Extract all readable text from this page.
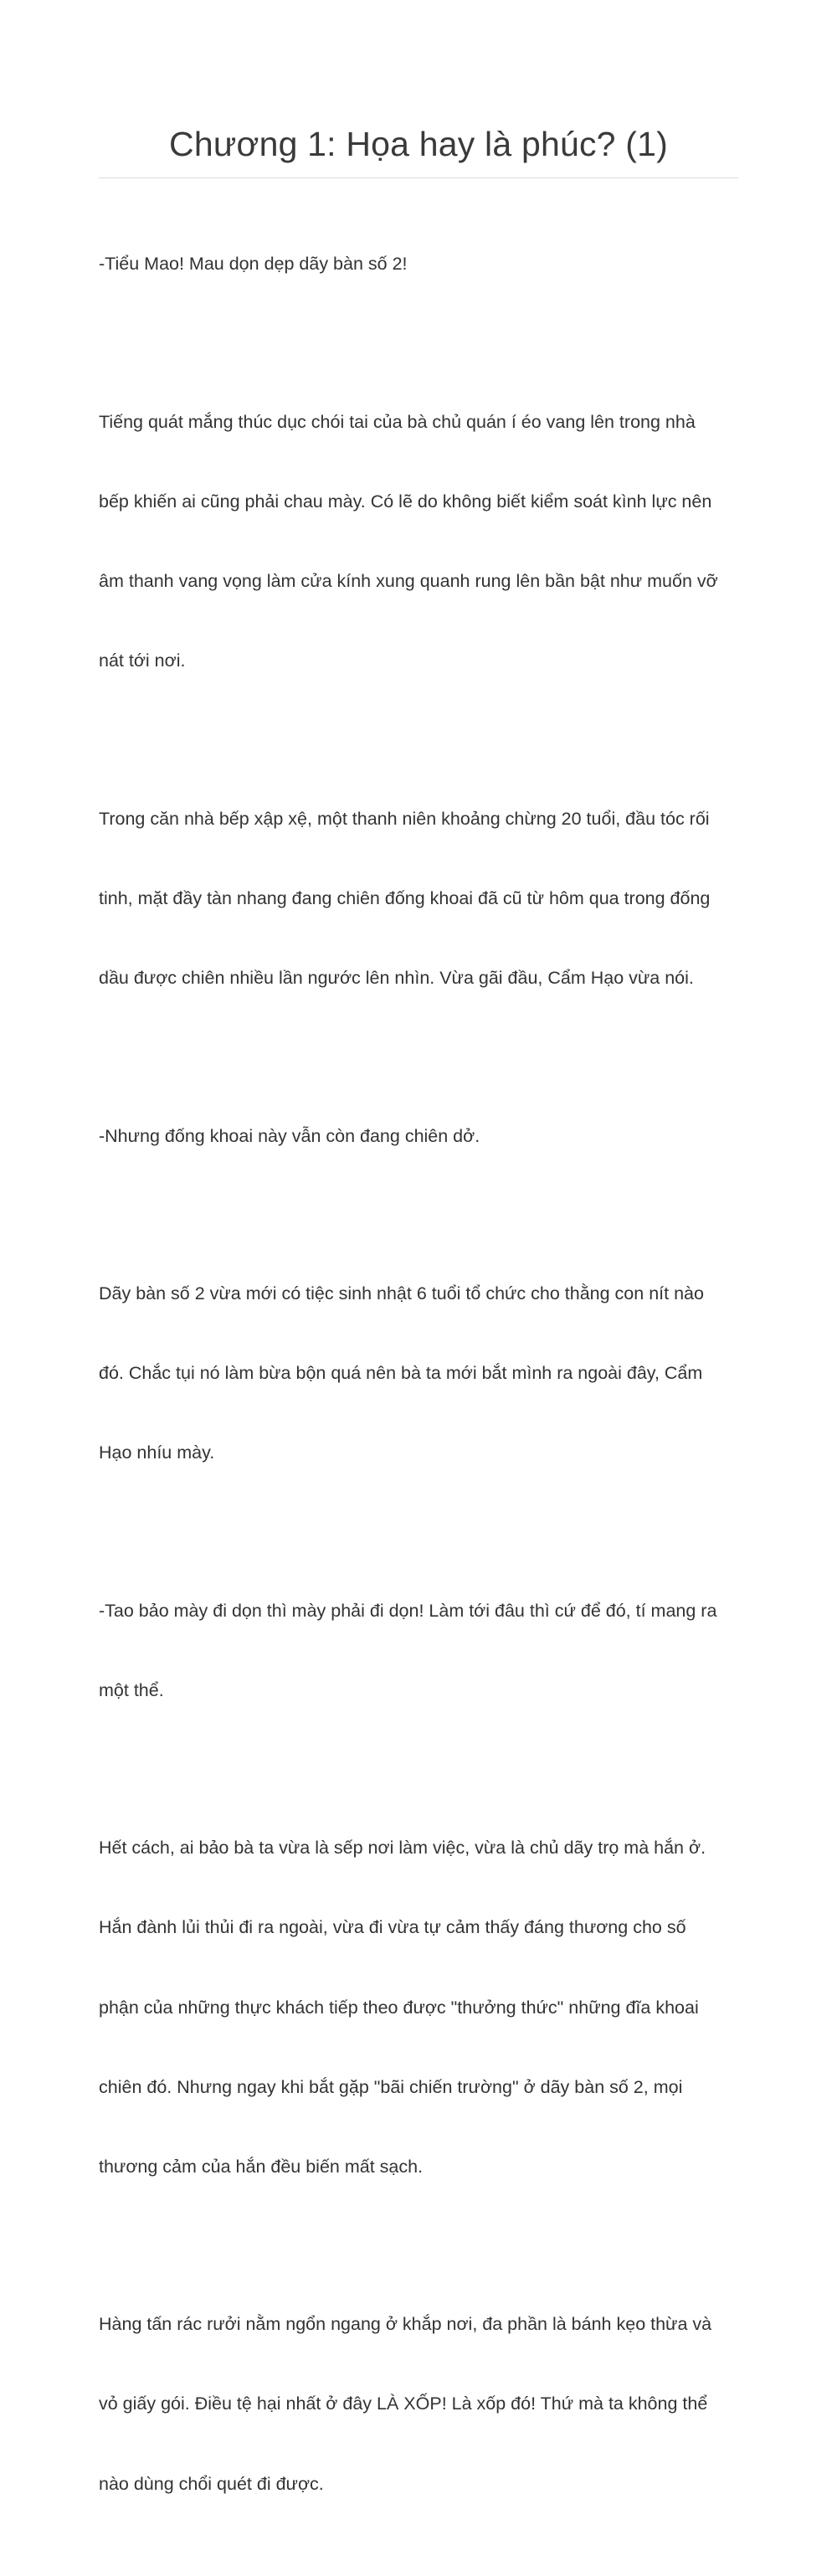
Chương 1: Họa hay là phúc? (1)

-Tiểu Mao! Mau dọn dẹp dãy bàn số 2!

Tiếng quát mắng thúc dục chói tai của bà chủ quán í éo vang lên trong nhà

bếp khiến ai cũng phải chau mày. Có lẽ do không biết kiểm soát kình lực nên

âm thanh vang vọng làm cửa kính xung quanh rung lên bần bật như muốn vỡ

nát tới nơi.

Trong căn nhà bếp xập xệ, một thanh niên khoảng chừng 20 tuổi, đầu tóc rối

tinh, mặt đầy tàn nhang đang chiên đống khoai đã cũ từ hôm qua trong đống

dầu được chiên nhiều lần ngước lên nhìn. Vừa gãi đầu, Cẩm Hạo vừa nói.

-Nhưng đống khoai này vẫn còn đang chiên dở.

Dãy bàn số 2 vừa mới có tiệc sinh nhật 6 tuổi tổ chức cho thằng con nít nào

đó. Chắc tụi nó làm bừa bộn quá nên bà ta mới bắt mình ra ngoài đây, Cẩm

Hạo nhíu mày.

-Tao bảo mày đi dọn thì mày phải đi dọn! Làm tới đâu thì cứ để đó, tí mang ra

một thể.

Hết cách, ai bảo bà ta vừa là sếp nơi làm việc, vừa là chủ dãy trọ mà hắn ở.

Hắn đành lủi thủi đi ra ngoài, vừa đi vừa tự cảm thấy đáng thương cho số

phận của những thực khách tiếp theo được "thưởng thức" những đĩa khoai

chiên đó. Nhưng ngay khi bắt gặp "bãi chiến trường" ở dãy bàn số 2, mọi

thương cảm của hắn đều biến mất sạch.

Hàng tấn rác rưởi nằm ngổn ngang ở khắp nơi, đa phần là bánh kẹo thừa và

vỏ giấy gói. Điều tệ hại nhất ở đây LÀ XỐP! Là xốp đó! Thứ mà ta không thể

nào dùng chổi quét đi được.
